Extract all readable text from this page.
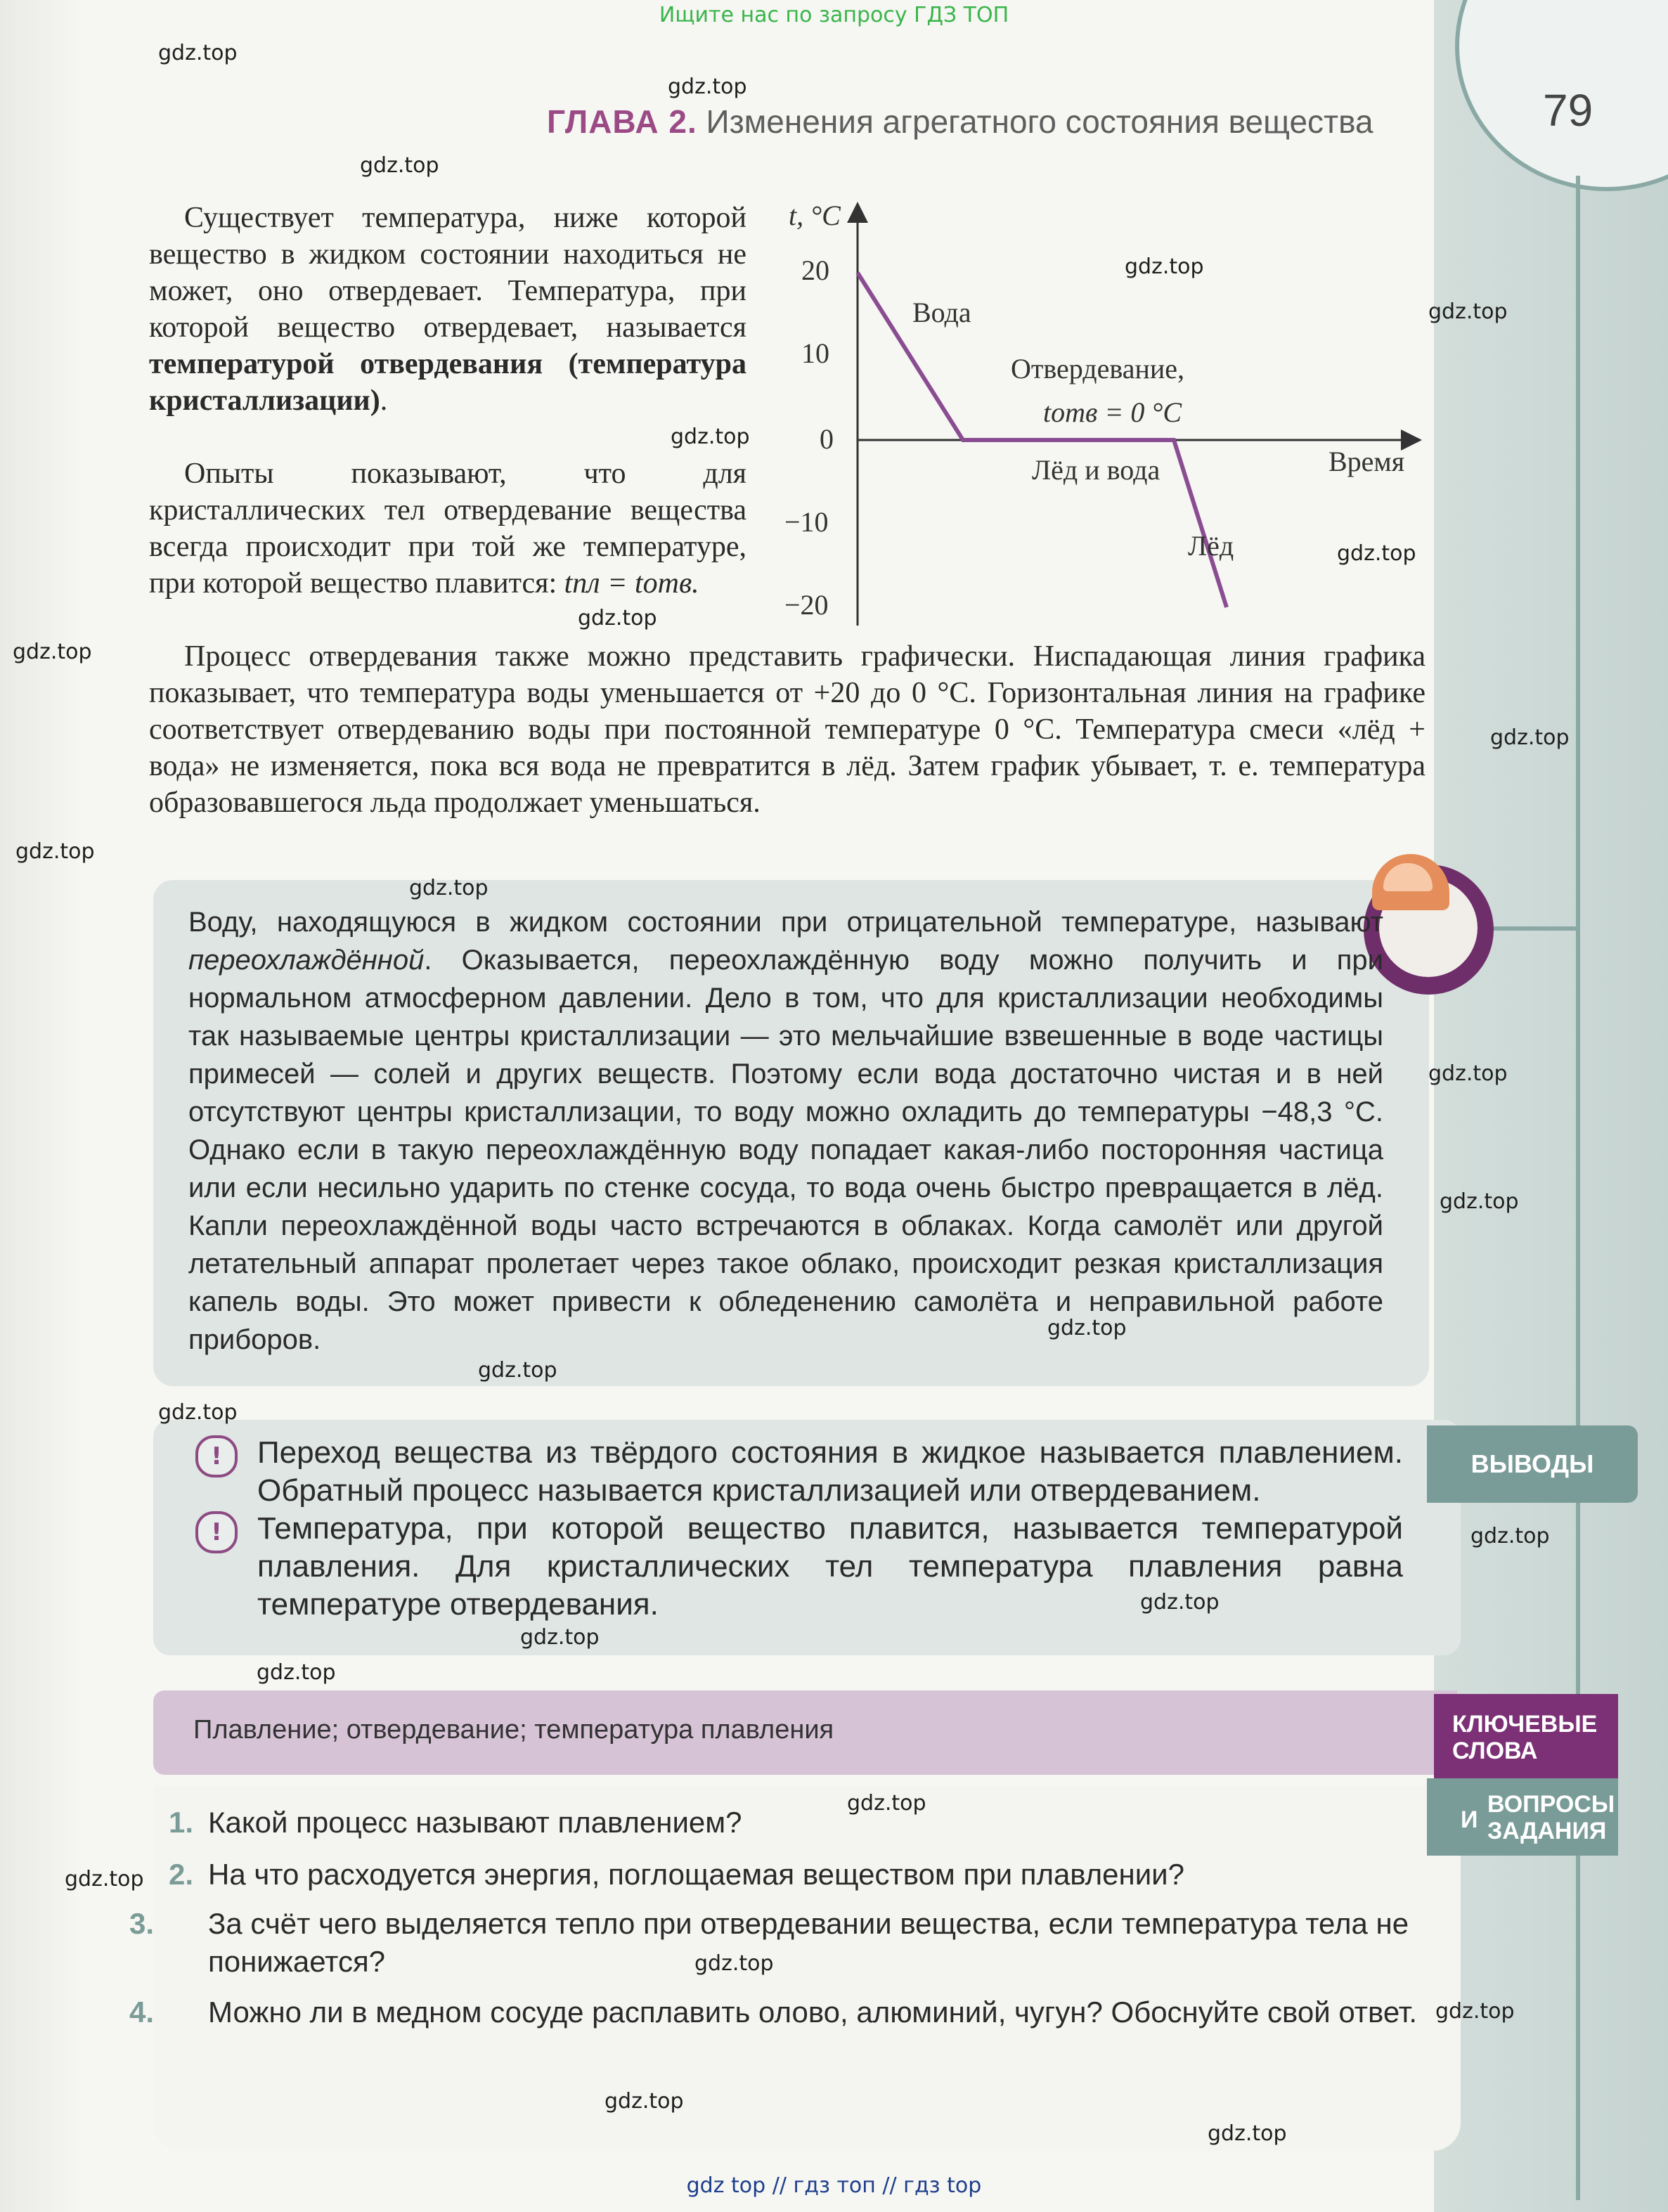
Ищите нас по запросу ГДЗ ТОП
79
ГЛАВА 2. Изменения агрегатного состояния вещества
Существует температура, ниже которой вещество в жидком состоянии находиться не может, оно отвердевает. Температура, при которой вещество отвердевает, называется температурой отвердевания (температура кристаллизации).
Опыты показывают, что для кристаллических тел отвердевание вещества всегда происходит при той же температуре, при которой вещество плавится: tпл = tотв.
t, °С
Время
20
10
0
−10
−20
Вода
Отвердевание,
tотв = 0 °С
Лёд и вода
Лёд
Процесс отвердевания также можно представить графически. Ниспадающая линия графика показывает, что температура воды уменьшается от +20 до 0 °С. Горизонтальная линия на графике соответствует отвердеванию воды при постоянной температуре 0 °С. Температура смеси «лёд + вода» не изменяется, пока вся вода не превратится в лёд. Затем график убывает, т. е. температура образовавшегося льда продолжает уменьшаться.
Воду, находящуюся в жидком состоянии при отрицательной температуре, называют переохлаждённой. Оказывается, переохлаждённую воду можно получить и при нормальном атмосферном давлении. Дело в том, что для кристаллизации необходимы так называемые центры кристаллизации — это мельчайшие взвешенные в воде частицы примесей — солей и других веществ. Поэтому если вода достаточно чистая и в ней отсутствуют центры кристаллизации, то воду можно охладить до температуры −48,3 °С. Однако если в такую переохлаждённую воду попадает какая-либо посторонняя частица или если несильно ударить по стенке сосуда, то вода очень быстро превращается в лёд. Капли переохлаждённой воды часто встречаются в облаках. Когда самолёт или другой летательный аппарат пролетает через такое облако, происходит резкая кристаллизация капель воды. Это может привести к обледенению самолёта и неправильной работе приборов.
ВЫВОДЫ
!
!
Переход вещества из твёрдого состояния в жидкое называется плавлением. Обратный процесс называется кристаллизацией или отвердеванием.
Температура, при которой вещество плавится, называется температурой плавления. Для кристаллических тел температура плавления равна температуре отвердевания.
Плавление; отвердевание; температура плавления	КЛЮЧЕВЫЕ
СЛОВА
И
ВОПРОСЫ
ЗАДАНИЯ
1. Какой процесс называют плавлением?
2. На что расходуется энергия, поглощаемая веществом при плавлении?
3. За счёт чего выделяется тепло при отвердевании вещества, если температура тела не понижается?
4. Можно ли в медном сосуде расплавить олово, алюминий, чугун? Обоснуйте свой ответ.
gdz.top
gdz.top
gdz.top
gdz.top
gdz.top
gdz.top
gdz.top
gdz.top
gdz.top
gdz.top
gdz.top
gdz.top
gdz.top
gdz.top
gdz.top
gdz.top
gdz.top
gdz.top
gdz.top
gdz.top
gdz.top
gdz.top
gdz.top
gdz.top
gdz.top
gdz.top
gdz.top
gdz top // гдз топ // гдз top
